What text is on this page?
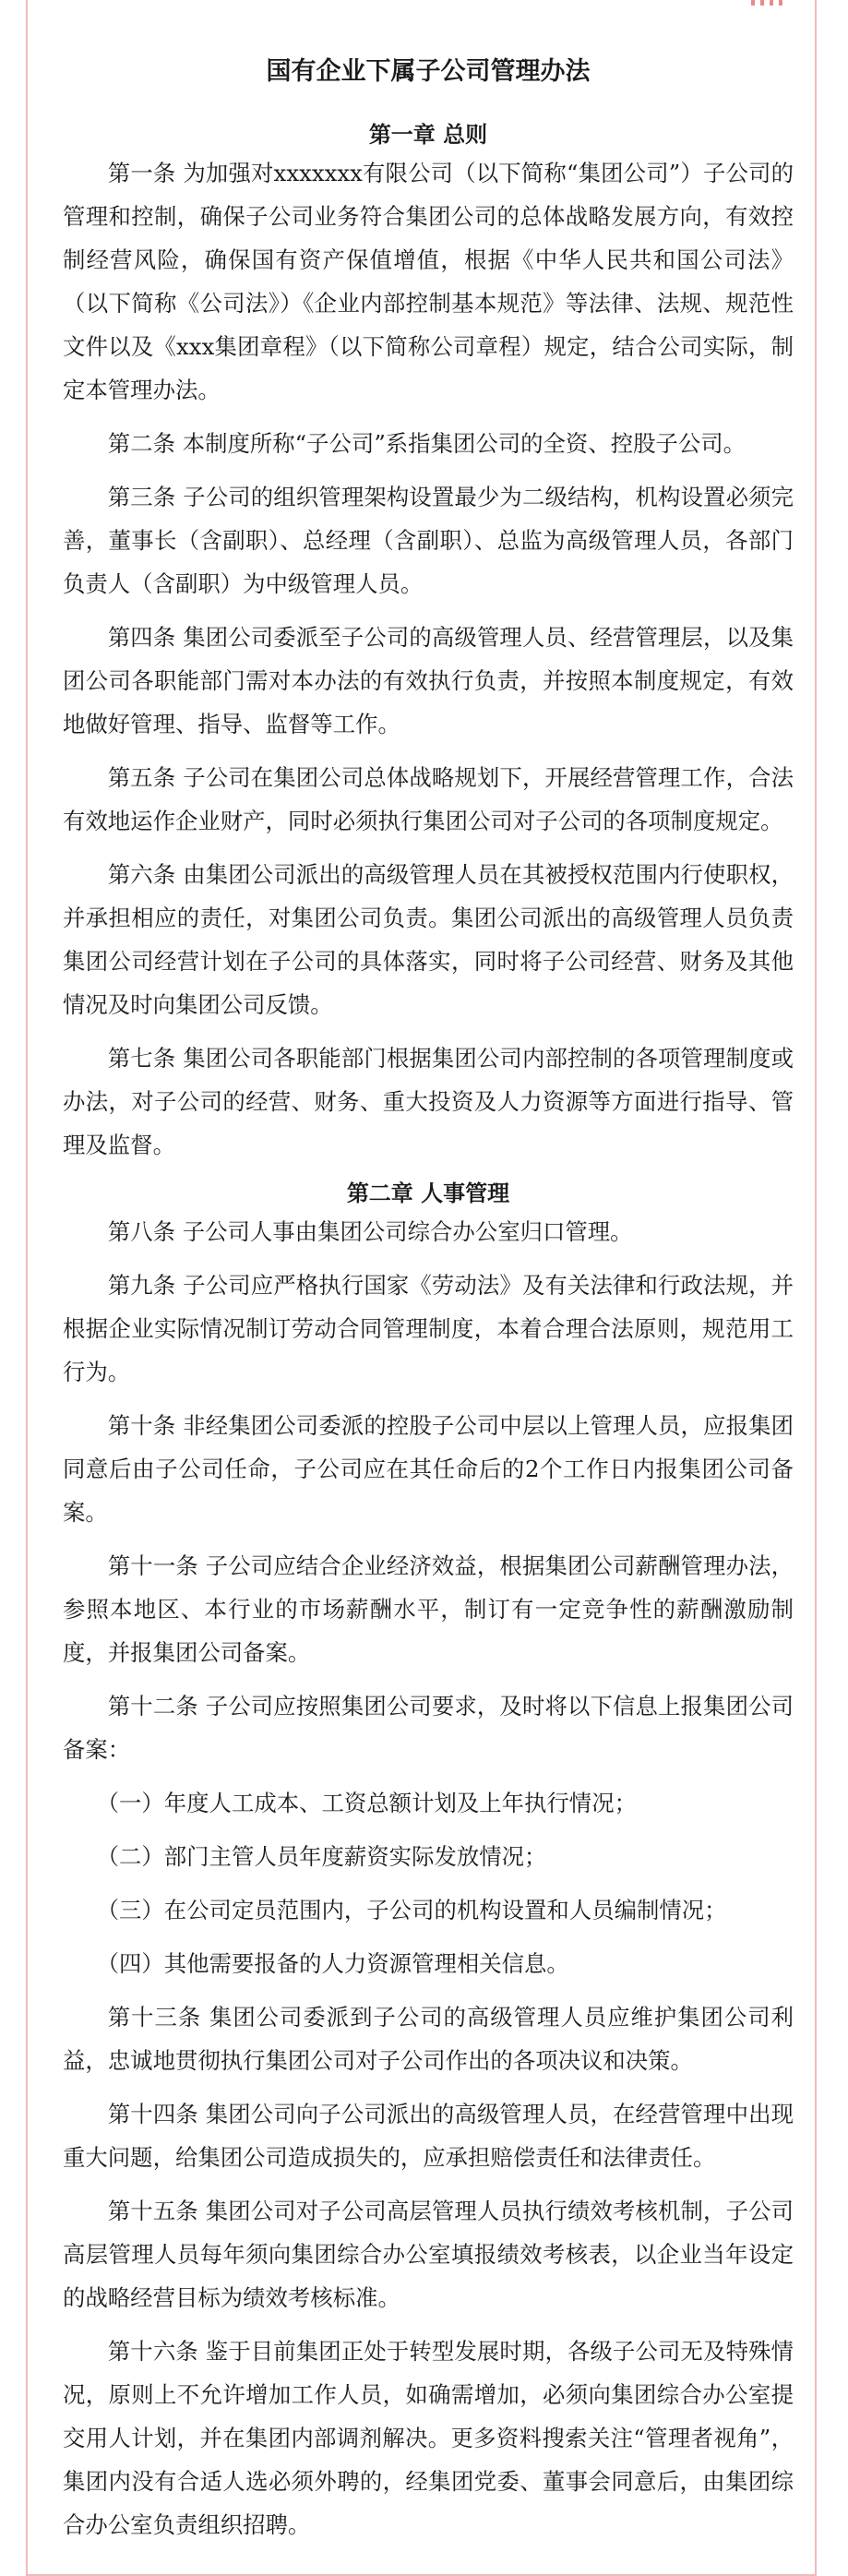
国有企业下属子公司管理办法
第一章 总则

第一条 为加强对xxxxxxx有限公司（以下简称“集团公司”）子公司的管理和控制，确保子公司业务符合集团公司的总体战略发展方向，有效控制经营风险，确保国有资产保值增值，根据《中华人民共和国公司法》（以下简称《公司法》）《企业内部控制基本规范》等法律、法规、规范性文件以及《xxx集团章程》（以下简称公司章程）规定，结合公司实际，制定本管理办法。

第二条 本制度所称“子公司”系指集团公司的全资、控股子公司。

第三条 子公司的组织管理架构设置最少为二级结构，机构设置必须完善，董事长（含副职）、总经理（含副职）、总监为高级管理人员，各部门负责人（含副职）为中级管理人员。

第四条 集团公司委派至子公司的高级管理人员、经营管理层，以及集团公司各职能部门需对本办法的有效执行负责，并按照本制度规定，有效地做好管理、指导、监督等工作。

第五条 子公司在集团公司总体战略规划下，开展经营管理工作，合法有效地运作企业财产，同时必须执行集团公司对子公司的各项制度规定。

第六条 由集团公司派出的高级管理人员在其被授权范围内行使职权，并承担相应的责任，对集团公司负责。集团公司派出的高级管理人员负责集团公司经营计划在子公司的具体落实，同时将子公司经营、财务及其他情况及时向集团公司反馈。

第七条 集团公司各职能部门根据集团公司内部控制的各项管理制度或办法，对子公司的经营、财务、重大投资及人力资源等方面进行指导、管理及监督。

第二章 人事管理

第八条 子公司人事由集团公司综合办公室归口管理。

第九条 子公司应严格执行国家《劳动法》及有关法律和行政法规，并根据企业实际情况制订劳动合同管理制度，本着合理合法原则，规范用工行为。

第十条 非经集团公司委派的控股子公司中层以上管理人员，应报集团同意后由子公司任命，子公司应在其任命后的2个工作日内报集团公司备案。

第十一条 子公司应结合企业经济效益，根据集团公司薪酬管理办法，参照本地区、本行业的市场薪酬水平，制订有一定竞争性的薪酬激励制度，并报集团公司备案。

第十二条 子公司应按照集团公司要求，及时将以下信息上报集团公司备案：

（一）年度人工成本、工资总额计划及上年执行情况；

（二）部门主管人员年度薪资实际发放情况；

（三）在公司定员范围内，子公司的机构设置和人员编制情况；

（四）其他需要报备的人力资源管理相关信息。

第十三条 集团公司委派到子公司的高级管理人员应维护集团公司利益，忠诚地贯彻执行集团公司对子公司作出的各项决议和决策。

第十四条 集团公司向子公司派出的高级管理人员，在经营管理中出现重大问题，给集团公司造成损失的，应承担赔偿责任和法律责任。

第十五条 集团公司对子公司高层管理人员执行绩效考核机制，子公司高层管理人员每年须向集团综合办公室填报绩效考核表，以企业当年设定的战略经营目标为绩效考核标准。

第十六条 鉴于目前集团正处于转型发展时期，各级子公司无及特殊情况，原则上不允许增加工作人员，如确需增加，必须向集团综合办公室提交用人计划，并在集团内部调剂解决。更多资料搜索关注“管理者视角”，集团内没有合适人选必须外聘的，经集团党委、董事会同意后，由集团综合办公室负责组织招聘。
